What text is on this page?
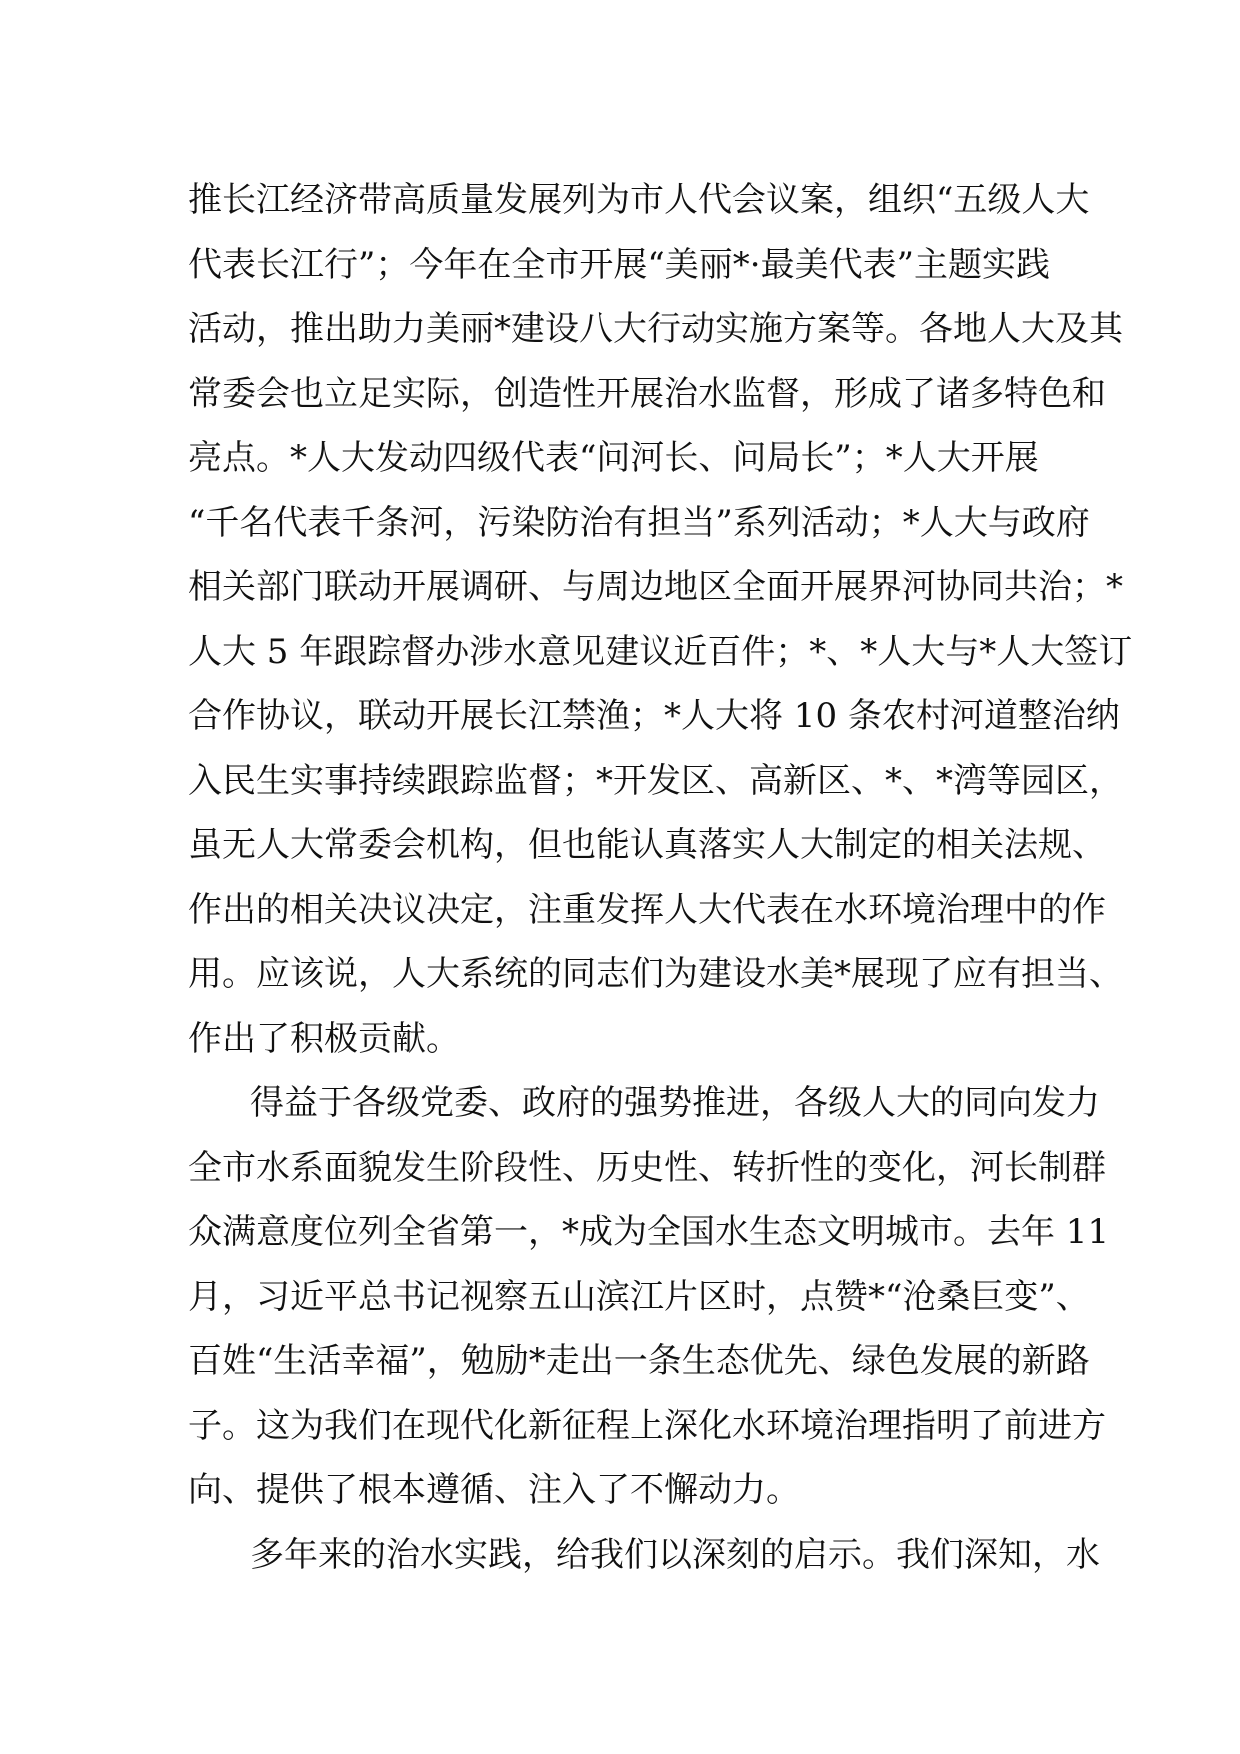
推长江经济带高质量发展列为市人代会议案，组织“五级人大
代表长江行”；今年在全市开展“美丽*·最美代表”主题实践
活动，推出助力美丽*建设八大行动实施方案等。各地人大及其
常委会也立足实际，创造性开展治水监督，形成了诸多特色和
亮点。*人大发动四级代表“问河长、问局长”；*人大开展
“千名代表千条河，污染防治有担当”系列活动；*人大与政府
相关部门联动开展调研、与周边地区全面开展界河协同共治；*
人大 5 年跟踪督办涉水意见建议近百件；*、*人大与*人大签订
合作协议，联动开展长江禁渔；*人大将 10 条农村河道整治纳
入民生实事持续跟踪监督；*开发区、高新区、*、*湾等园区，
虽无人大常委会机构，但也能认真落实人大制定的相关法规、
作出的相关决议决定，注重发挥人大代表在水环境治理中的作
用。应该说，人大系统的同志们为建设水美*展现了应有担当、
作出了积极贡献。
得益于各级党委、政府的强势推进，各级人大的同向发力
全市水系面貌发生阶段性、历史性、转折性的变化，河长制群
众满意度位列全省第一，*成为全国水生态文明城市。去年 11
月，习近平总书记视察五山滨江片区时，点赞*“沧桑巨变”、
百姓“生活幸福”，勉励*走出一条生态优先、绿色发展的新路
子。这为我们在现代化新征程上深化水环境治理指明了前进方
向、提供了根本遵循、注入了不懈动力。
多年来的治水实践，给我们以深刻的启示。我们深知，水
